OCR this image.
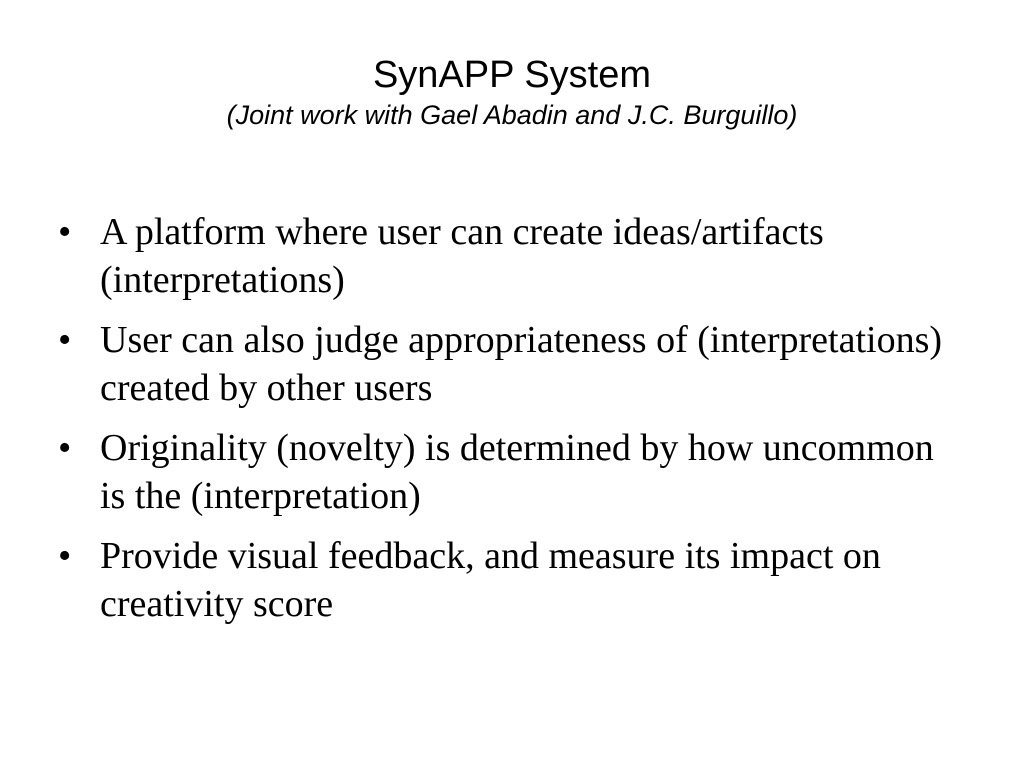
SynAPP System

(Joint work with Gael Abadin and J.C. Burguillo)

• A platform where user can create ideas/artifacts (interpretations)
• User can also judge appropriateness of (interpretations) created by other users
• Originality (novelty) is determined by how uncommon is the (interpretation)
• Provide visual feedback, and measure its impact on creativity score
